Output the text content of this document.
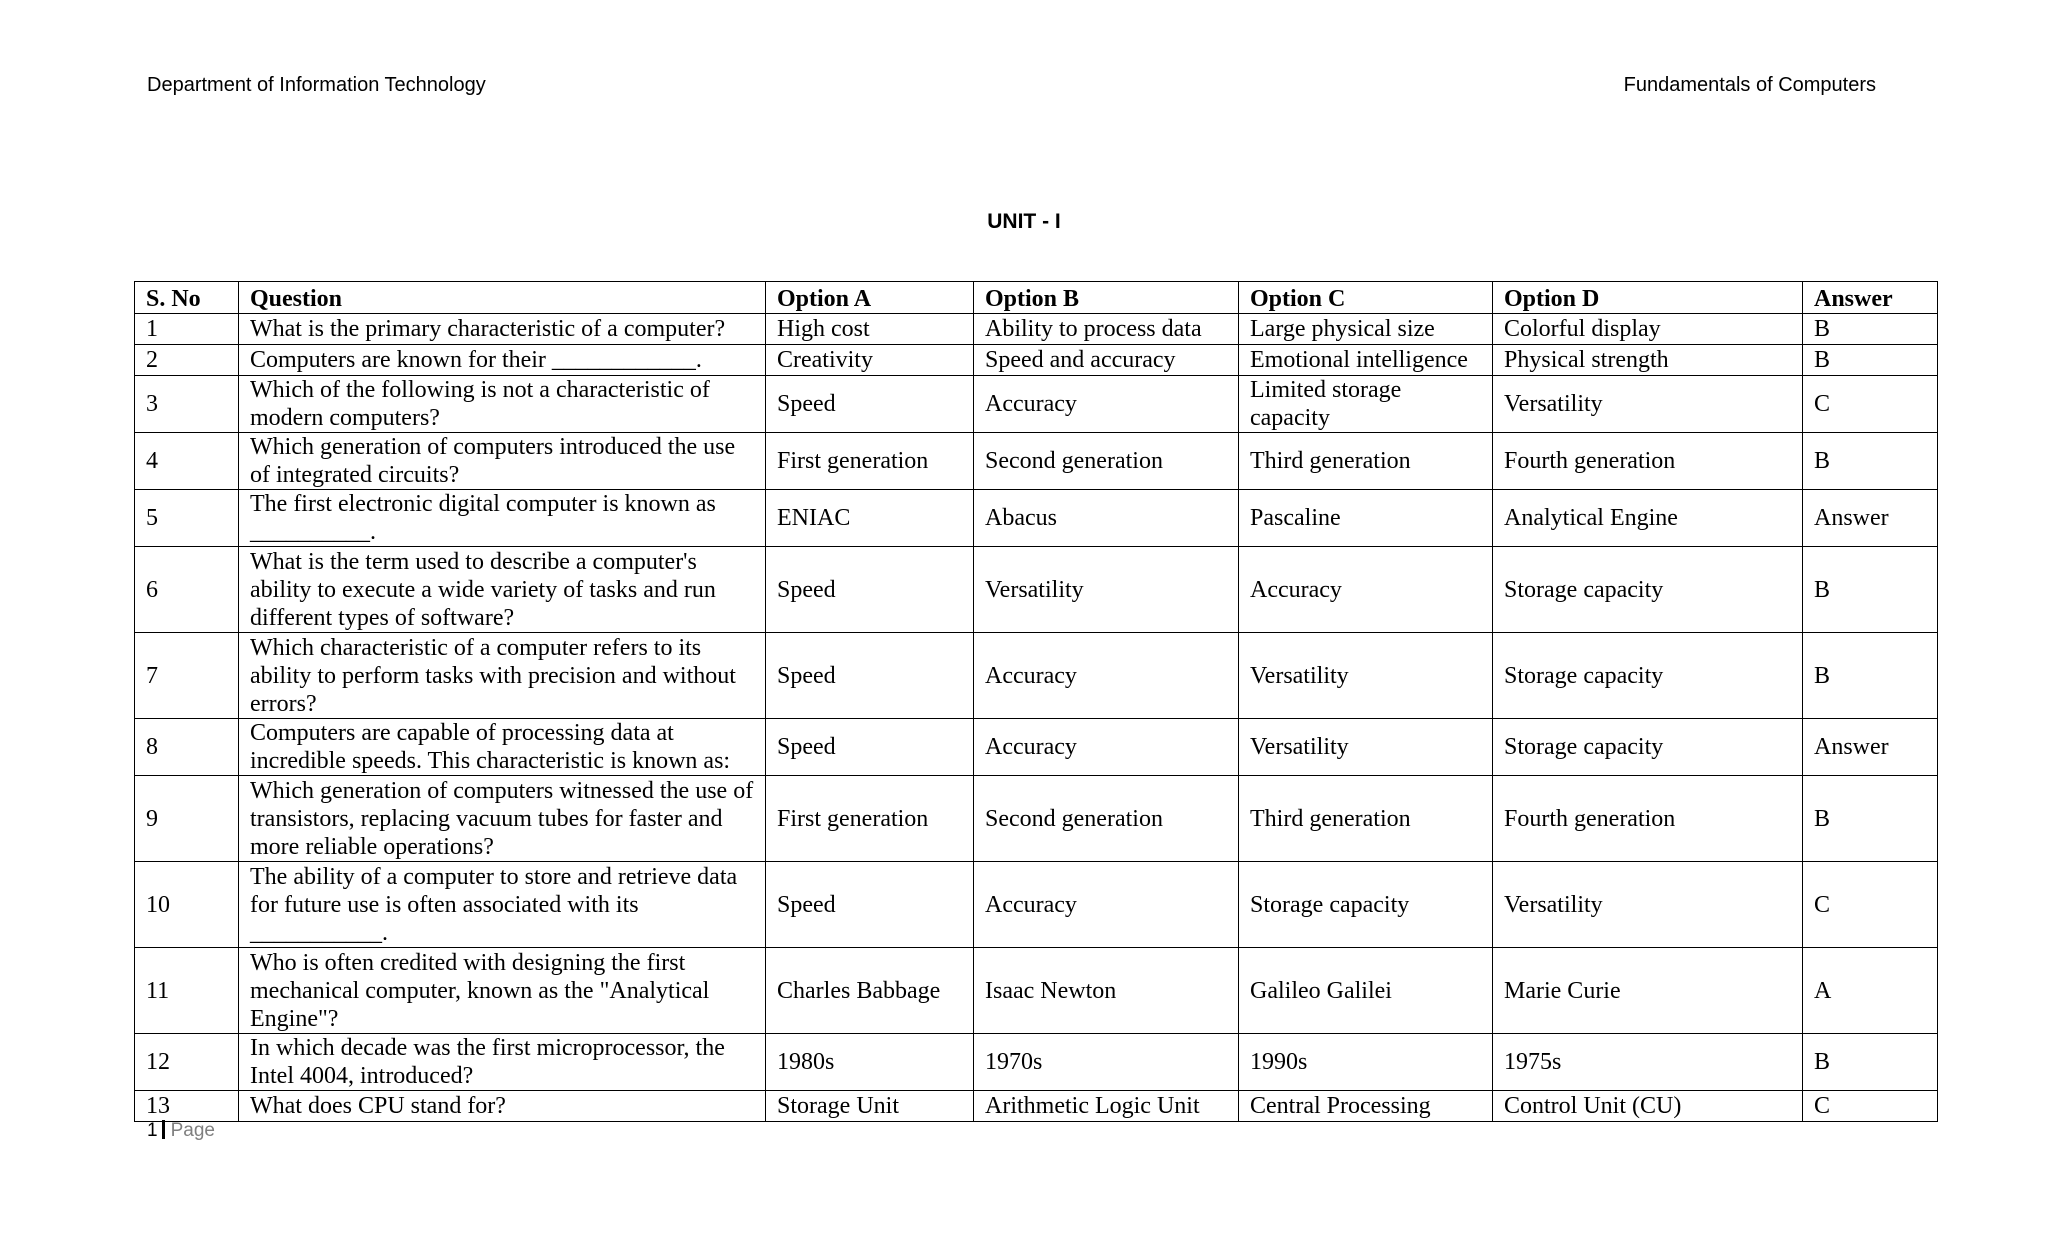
Department of Information Technology	Fundamentals of Computers
UNIT - I
S. No	Question	Option A	Option B	Option C	Option D	Answer
1	What is the primary characteristic of a computer?	High cost	Ability to process data	Large physical size	Colorful display	B
2	Computers are known for their ____________.	Creativity	Speed and accuracy	Emotional intelligence	Physical strength	B
3	Which of the following is not a characteristic of modern computers?	Speed	Accuracy	Limited storage capacity	Versatility	C
4	Which generation of computers introduced the use of integrated circuits?	First generation	Second generation	Third generation	Fourth generation	B
5	The first electronic digital computer is known as __________.	ENIAC	Abacus	Pascaline	Analytical Engine	Answer
6	What is the term used to describe a computer's ability to execute a wide variety of tasks and run different types of software?	Speed	Versatility	Accuracy	Storage capacity	B
7	Which characteristic of a computer refers to its ability to perform tasks with precision and without errors?	Speed	Accuracy	Versatility	Storage capacity	B
8	Computers are capable of processing data at incredible speeds. This characteristic is known as:	Speed	Accuracy	Versatility	Storage capacity	Answer
9	Which generation of computers witnessed the use of transistors, replacing vacuum tubes for faster and more reliable operations?	First generation	Second generation	Third generation	Fourth generation	B
10	The ability of a computer to store and retrieve data for future use is often associated with its ___________.	Speed	Accuracy	Storage capacity	Versatility	C
11	Who is often credited with designing the first mechanical computer, known as the "Analytical Engine"?	Charles Babbage	Isaac Newton	Galileo Galilei	Marie Curie	A
12	In which decade was the first microprocessor, the Intel 4004, introduced?	1980s	1970s	1990s	1975s	B
13	What does CPU stand for?	Storage Unit	Arithmetic Logic Unit	Central Processing	Control Unit (CU)	C
1 Page
